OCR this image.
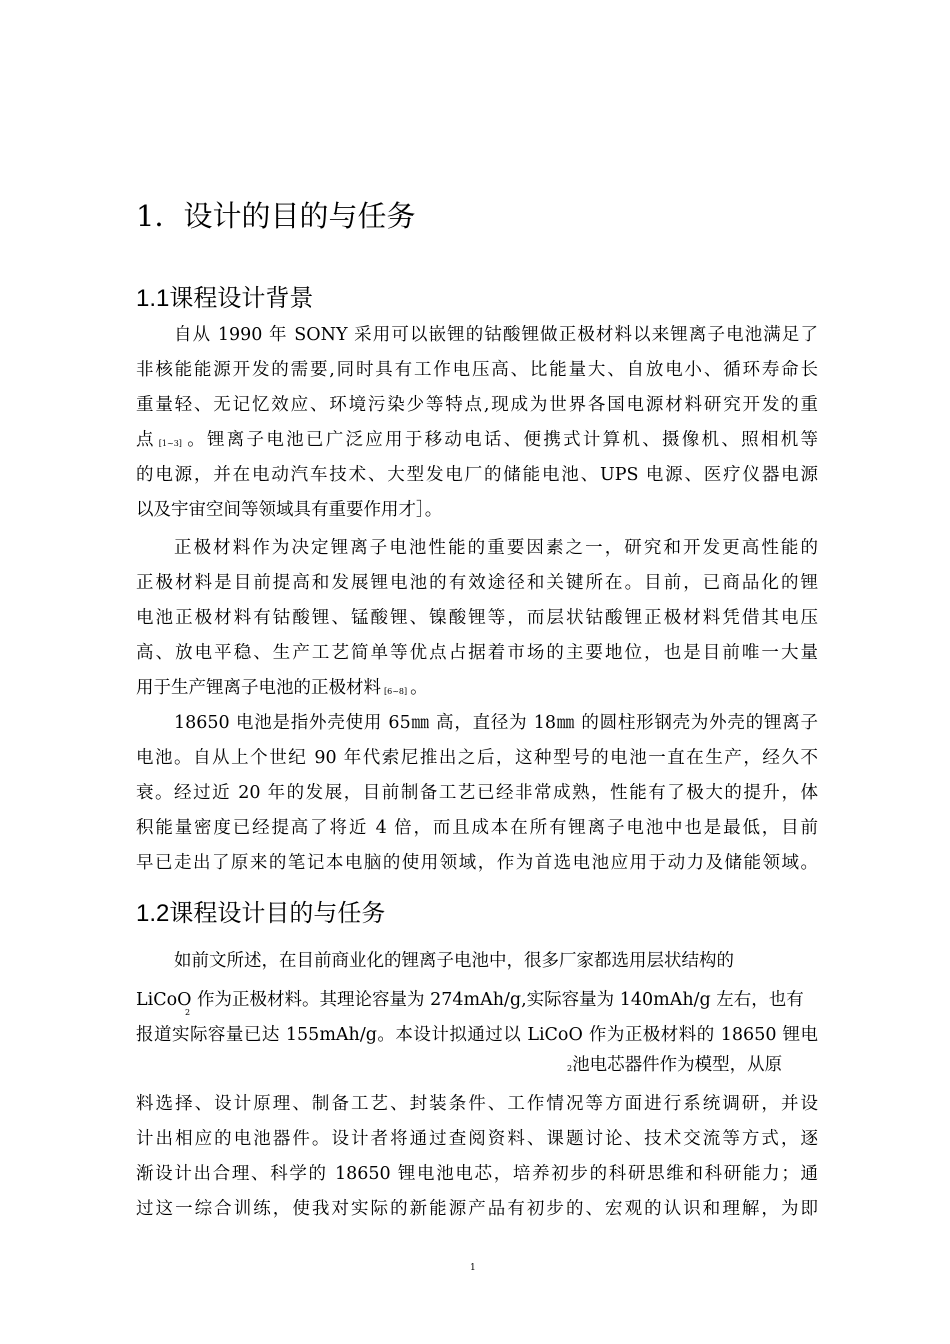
1．设计的目的与任务
1.1课程设计背景
自从 1990 年 SONY 采用可以嵌锂的钴酸锂做正极材料以来锂离子电池满足了
非核能能源开发的需要,同时具有工作电压高、比能量大、自放电小、循环寿命长
重量轻、无记忆效应、环境污染少等特点,现成为世界各国电源材料研究开发的重
点 [1~3] 。锂离子电池已广泛应用于移动电话、便携式计算机、摄像机、照相机等
的电源，并在电动汽车技术、大型发电厂的储能电池、UPS 电源、医疗仪器电源
以及宇宙空间等领域具有重要作用才］。
正极材料作为决定锂离子电池性能的重要因素之一，研究和开发更高性能的
正极材料是目前提高和发展锂电池的有效途径和关键所在。目前，已商品化的锂
电池正极材料有钴酸锂、锰酸锂、镍酸锂等，而层状钴酸锂正极材料凭借其电压
高、放电平稳、生产工艺简单等优点占据着市场的主要地位，也是目前唯一大量
用于生产锂离子电池的正极材料 [6~8] 。
18650 电池是指外壳使用 65㎜ 高，直径为 18㎜ 的圆柱形钢壳为外壳的锂离子
电池。自从上个世纪 90 年代索尼推出之后，这种型号的电池一直在生产，经久不
衰。经过近 20 年的发展，目前制备工艺已经非常成熟，性能有了极大的提升，体
积能量密度已经提高了将近 4 倍，而且成本在所有锂离子电池中也是最低，目前
早已走出了原来的笔记本电脑的使用领域，作为首选电池应用于动力及储能领域。
1.2课程设计目的与任务
如前文所述，在目前商业化的锂离子电池中，很多厂家都选用层状结构的
LiCoO 作为正极材料。其理论容量为 274mAh/g,实际容量为 140mAh/g 左右，也有
2
报道实际容量已达 155mAh/g。本设计拟通过以 LiCoO 作为正极材料的 18650 锂电
2池电芯器件作为模型，从原
料选择、设计原理、制备工艺、封装条件、工作情况等方面进行系统调研，并设
计出相应的电池器件。设计者将通过查阅资料、课题讨论、技术交流等方式，逐
渐设计出合理、科学的 18650 锂电池电芯，培养初步的科研思维和科研能力；通
过这一综合训练，使我对实际的新能源产品有初步的、宏观的认识和理解，为即
1
